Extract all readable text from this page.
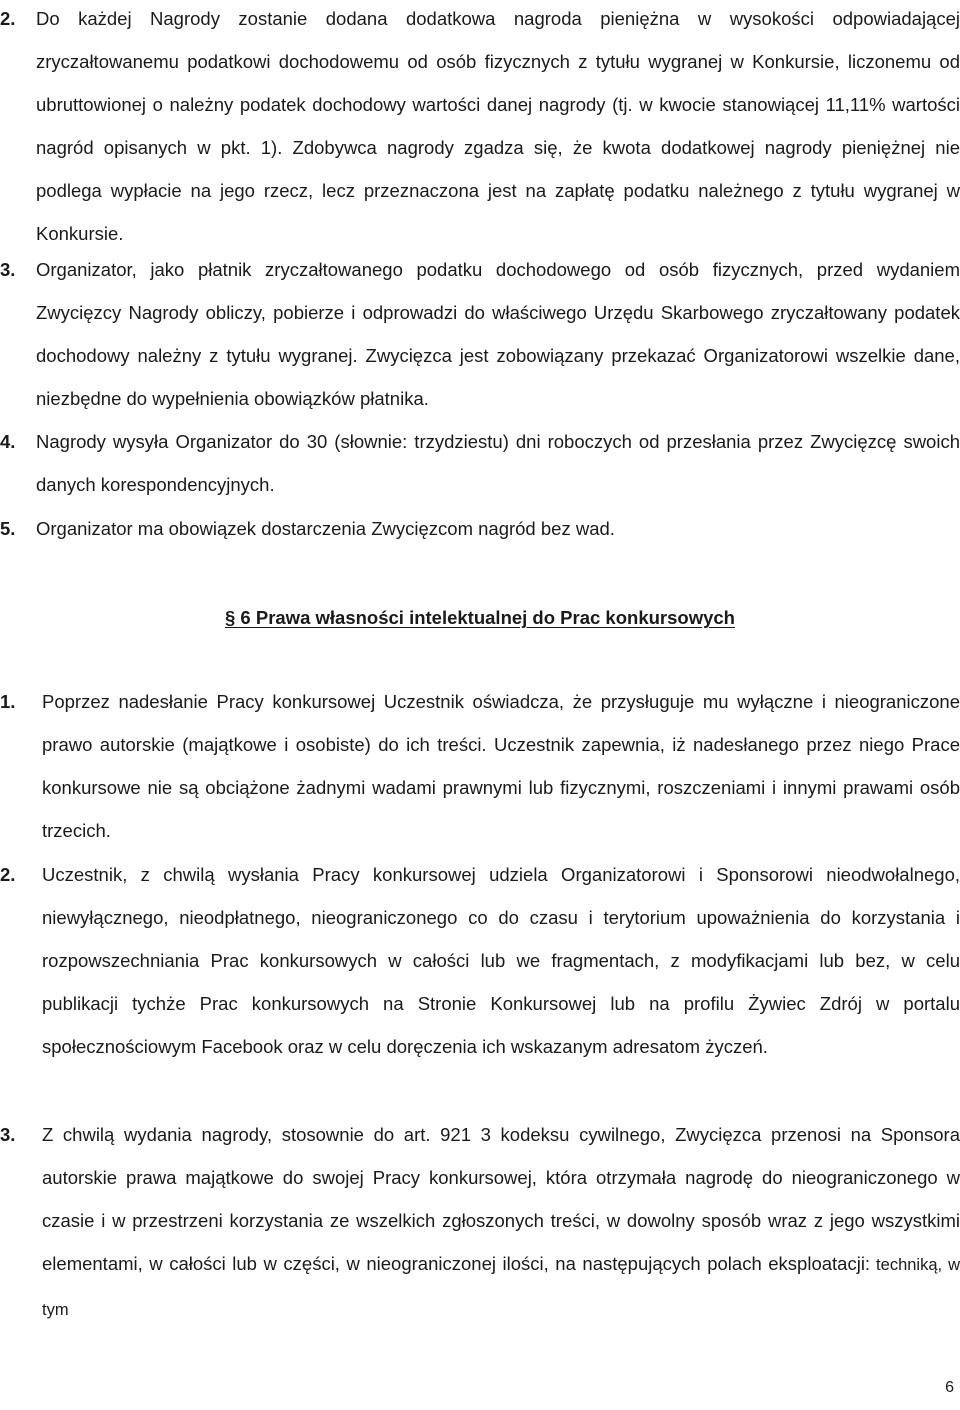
2. Do każdej Nagrody zostanie dodana dodatkowa nagroda pieniężna w wysokości odpowiadającej zryczałtowanemu podatkowi dochodowemu od osób fizycznych z tytułu wygranej w Konkursie, liczonemu od ubruttowionej o należny podatek dochodowy wartości danej nagrody (tj. w kwocie stanowiącej 11,11% wartości nagród opisanych w pkt. 1). Zdobywca nagrody zgadza się, że kwota dodatkowej nagrody pieniężnej nie podlega wypłacie na jego rzecz, lecz przeznaczona jest na zapłatę podatku należnego z tytułu wygranej w Konkursie.

3. Organizator, jako płatnik zryczałtowanego podatku dochodowego od osób fizycznych, przed wydaniem Zwycięzcy Nagrody obliczy, pobierze i odprowadzi do właściwego Urzędu Skarbowego zryczałtowany podatek dochodowy należny z tytułu wygranej. Zwycięzca jest zobowiązany przekazać Organizatorowi wszelkie dane, niezbędne do wypełnienia obowiązków płatnika.

4. Nagrody wysyła Organizator do 30 (słownie: trzydziestu) dni roboczych od przesłania przez Zwycięzcę swoich danych korespondencyjnych.

5. Organizator ma obowiązek dostarczenia Zwycięzcom nagród bez wad.

§ 6 Prawa własności intelektualnej do Prac konkursowych

1. Poprzez nadesłanie Pracy konkursowej Uczestnik oświadcza, że przysługuje mu wyłączne i nieograniczone prawo autorskie (majątkowe i osobiste) do ich treści. Uczestnik zapewnia, iż nadesłanego przez niego Prace konkursowe nie są obciążone żadnymi wadami prawnymi lub fizycznymi, roszczeniami i innymi prawami osób trzecich.

2. Uczestnik, z chwilą wysłania Pracy konkursowej udziela Organizatorowi i Sponsorowi nieodwołalnego, niewyłącznego, nieodpłatnego, nieograniczonego co do czasu i terytorium upoważnienia do korzystania i rozpowszechniania Prac konkursowych w całości lub we fragmentach, z modyfikacjami lub bez, w celu publikacji tychże Prac konkursowych na Stronie Konkursowej lub na profilu Żywiec Zdrój w portalu społecznościowym Facebook oraz w celu doręczenia ich wskazanym adresatom życzeń.

3. Z chwilą wydania nagrody, stosownie do art. 921 3 kodeksu cywilnego, Zwycięzca przenosi na Sponsora autorskie prawa majątkowe do swojej Pracy konkursowej, która otrzymała nagrodę do nieograniczonego w czasie i w przestrzeni korzystania ze wszelkich zgłoszonych treści, w dowolny sposób wraz z jego wszystkimi elementami, w całości lub w części, w nieograniczonej ilości, na następujących polach eksploatacji: techniką, w tym

6
